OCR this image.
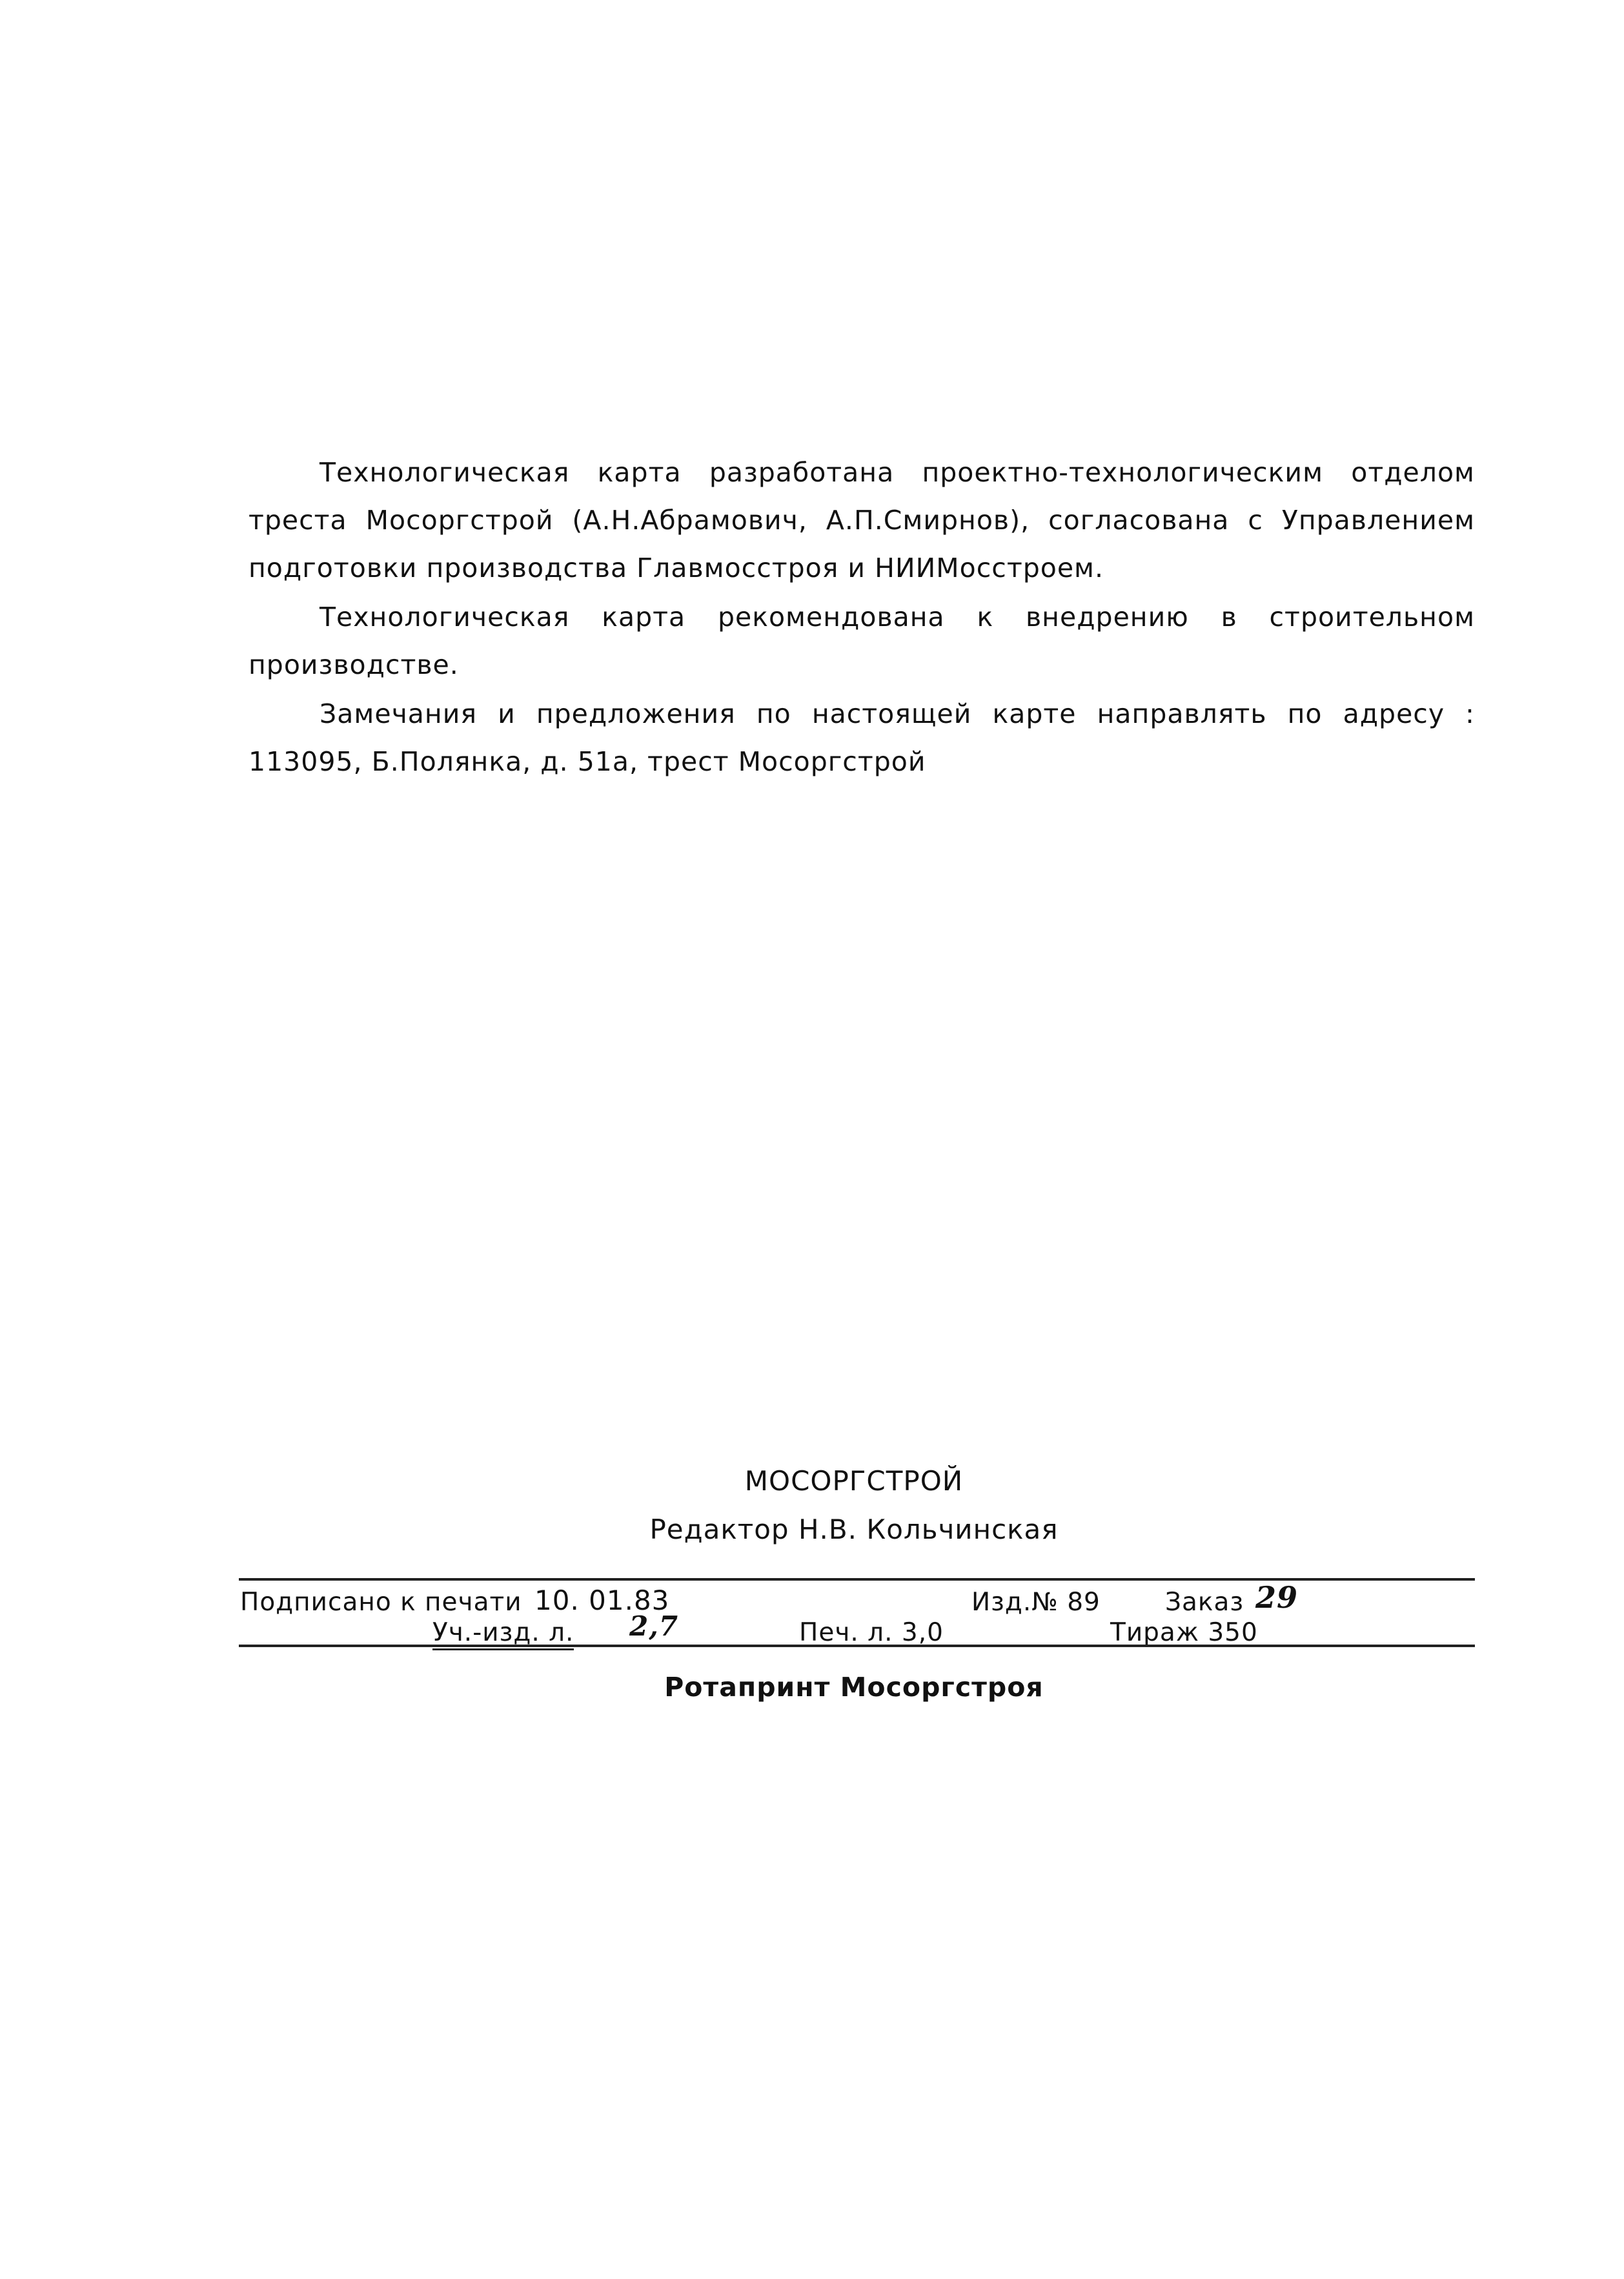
Технологическая карта разработана проектно-технологическим отделом треста Мосоргстрой (А.Н.Абрамович, А.П.Смирнов), согласована с Управлением подготовки производства Главмосстроя и НИИМосстроем.

Технологическая карта рекомендована к внедрению в строительном производстве.

Замечания и предложения по настоящей карте направлять по адресу : 113095, Б.Полянка, д. 51а, трест Мосоргстрой

МОСОРГСТРОЙ
Редактор Н.В. Кольчинская
Подписано к печати 10. 01.83	Изд.№ 89	Заказ 29
Уч.-изд. л. 2,7	Печ. л. 3,0	Тираж 350
Ротапринт Мосоргстроя
